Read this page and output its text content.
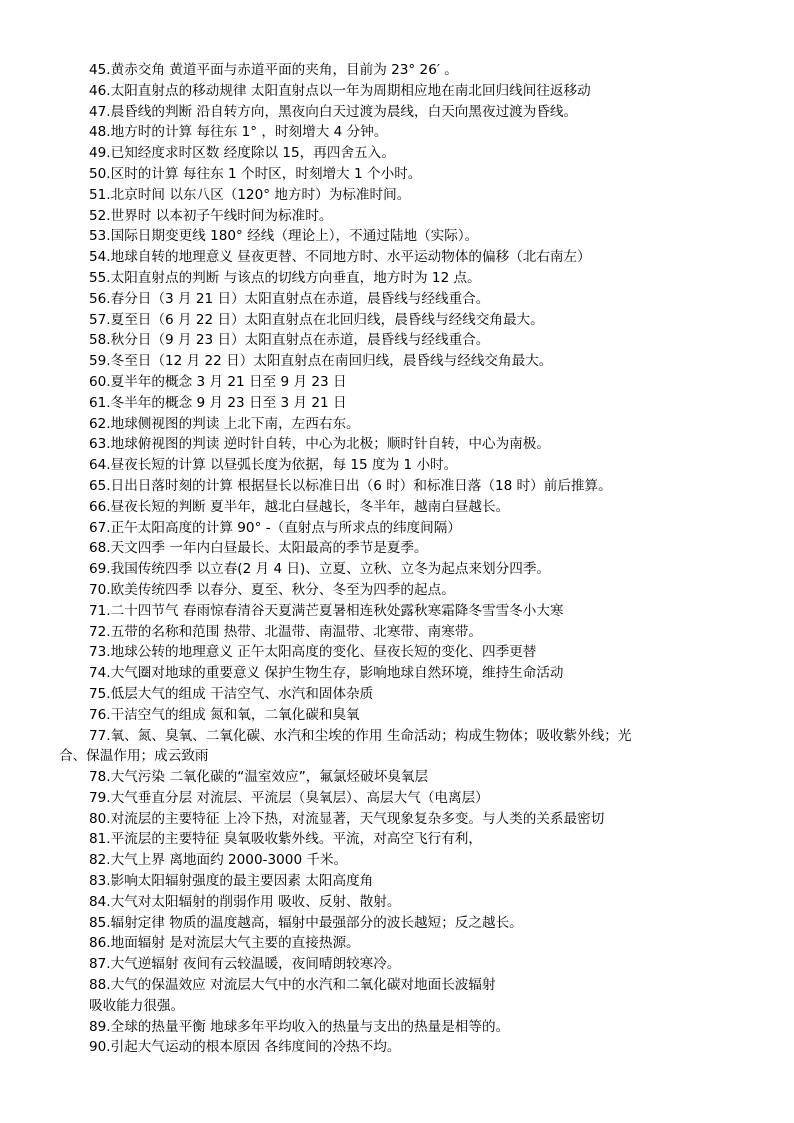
45.黄赤交角 黄道平面与赤道平面的夹角，目前为 23° 26′ 。
46.太阳直射点的移动规律 太阳直射点以一年为周期相应地在南北回归线间往返移动
47.晨昏线的判断 沿自转方向，黑夜向白天过渡为晨线，白天向黑夜过渡为昏线。
48.地方时的计算 每往东 1° ，时刻增大 4 分钟。
49.已知经度求时区数 经度除以 15，再四舍五入。
50.区时的计算 每往东 1 个时区，时刻增大 1 个小时。
51.北京时间 以东八区（120° 地方时）为标准时间。
52.世界时 以本初子午线时间为标准时。
53.国际日期变更线 180° 经线（理论上），不通过陆地（实际）。
54.地球自转的地理意义 昼夜更替、不同地方时、水平运动物体的偏移（北右南左）
55.太阳直射点的判断 与该点的切线方向垂直，地方时为 12 点。
56.春分日（3 月 21 日）太阳直射点在赤道，晨昏线与经线重合。
57.夏至日（6 月 22 日）太阳直射点在北回归线，晨昏线与经线交角最大。
58.秋分日（9 月 23 日）太阳直射点在赤道，晨昏线与经线重合。
59.冬至日（12 月 22 日）太阳直射点在南回归线，晨昏线与经线交角最大。
60.夏半年的概念 3 月 21 日至 9 月 23 日
61.冬半年的概念 9 月 23 日至 3 月 21 日
62.地球侧视图的判读 上北下南，左西右东。
63.地球俯视图的判读 逆时针自转，中心为北极；顺时针自转，中心为南极。
64.昼夜长短的计算 以昼弧长度为依据，每 15 度为 1 小时。
65.日出日落时刻的计算 根据昼长以标准日出（6 时）和标准日落（18 时）前后推算。
66.昼夜长短的判断 夏半年，越北白昼越长，冬半年，越南白昼越长。
67.正午太阳高度的计算 90° -（直射点与所求点的纬度间隔）
68.天文四季 一年内白昼最长、太阳最高的季节是夏季。
69.我国传统四季 以立春(2 月 4 日)、立夏、立秋、立冬为起点来划分四季。
70.欧美传统四季 以春分、夏至、秋分、冬至为四季的起点。
71.二十四节气 春雨惊春清谷天夏满芒夏暑相连秋处露秋寒霜降冬雪雪冬小大寒
72.五带的名称和范围 热带、北温带、南温带、北寒带、南寒带。
73.地球公转的地理意义 正午太阳高度的变化、昼夜长短的变化、四季更替
74.大气圈对地球的重要意义 保护生物生存，影响地球自然环境，维持生命活动
75.低层大气的组成 干洁空气、水汽和固体杂质
76.干洁空气的组成 氮和氧，二氧化碳和臭氧
77.氧、氮、臭氧、二氧化碳、水汽和尘埃的作用 生命活动；构成生物体；吸收紫外线；光
合、保温作用；成云致雨
78.大气污染 二氧化碳的“温室效应”，氟氯烃破坏臭氧层
79.大气垂直分层 对流层、平流层（臭氧层）、高层大气（电离层）
80.对流层的主要特征 上冷下热，对流显著，天气现象复杂多变。与人类的关系最密切
81.平流层的主要特征 臭氧吸收紫外线。平流，对高空飞行有利，
82.大气上界 离地面约 2000-3000 千米。
83.影响太阳辐射强度的最主要因素 太阳高度角
84.大气对太阳辐射的削弱作用 吸收、反射、散射。
85.辐射定律 物质的温度越高，辐射中最强部分的波长越短；反之越长。
86.地面辐射 是对流层大气主要的直接热源。
87.大气逆辐射 夜间有云较温暖，夜间晴朗较寒冷。
88.大气的保温效应 对流层大气中的水汽和二氧化碳对地面长波辐射
吸收能力很强。
89.全球的热量平衡 地球多年平均收入的热量与支出的热量是相等的。
90.引起大气运动的根本原因 各纬度间的冷热不均。
